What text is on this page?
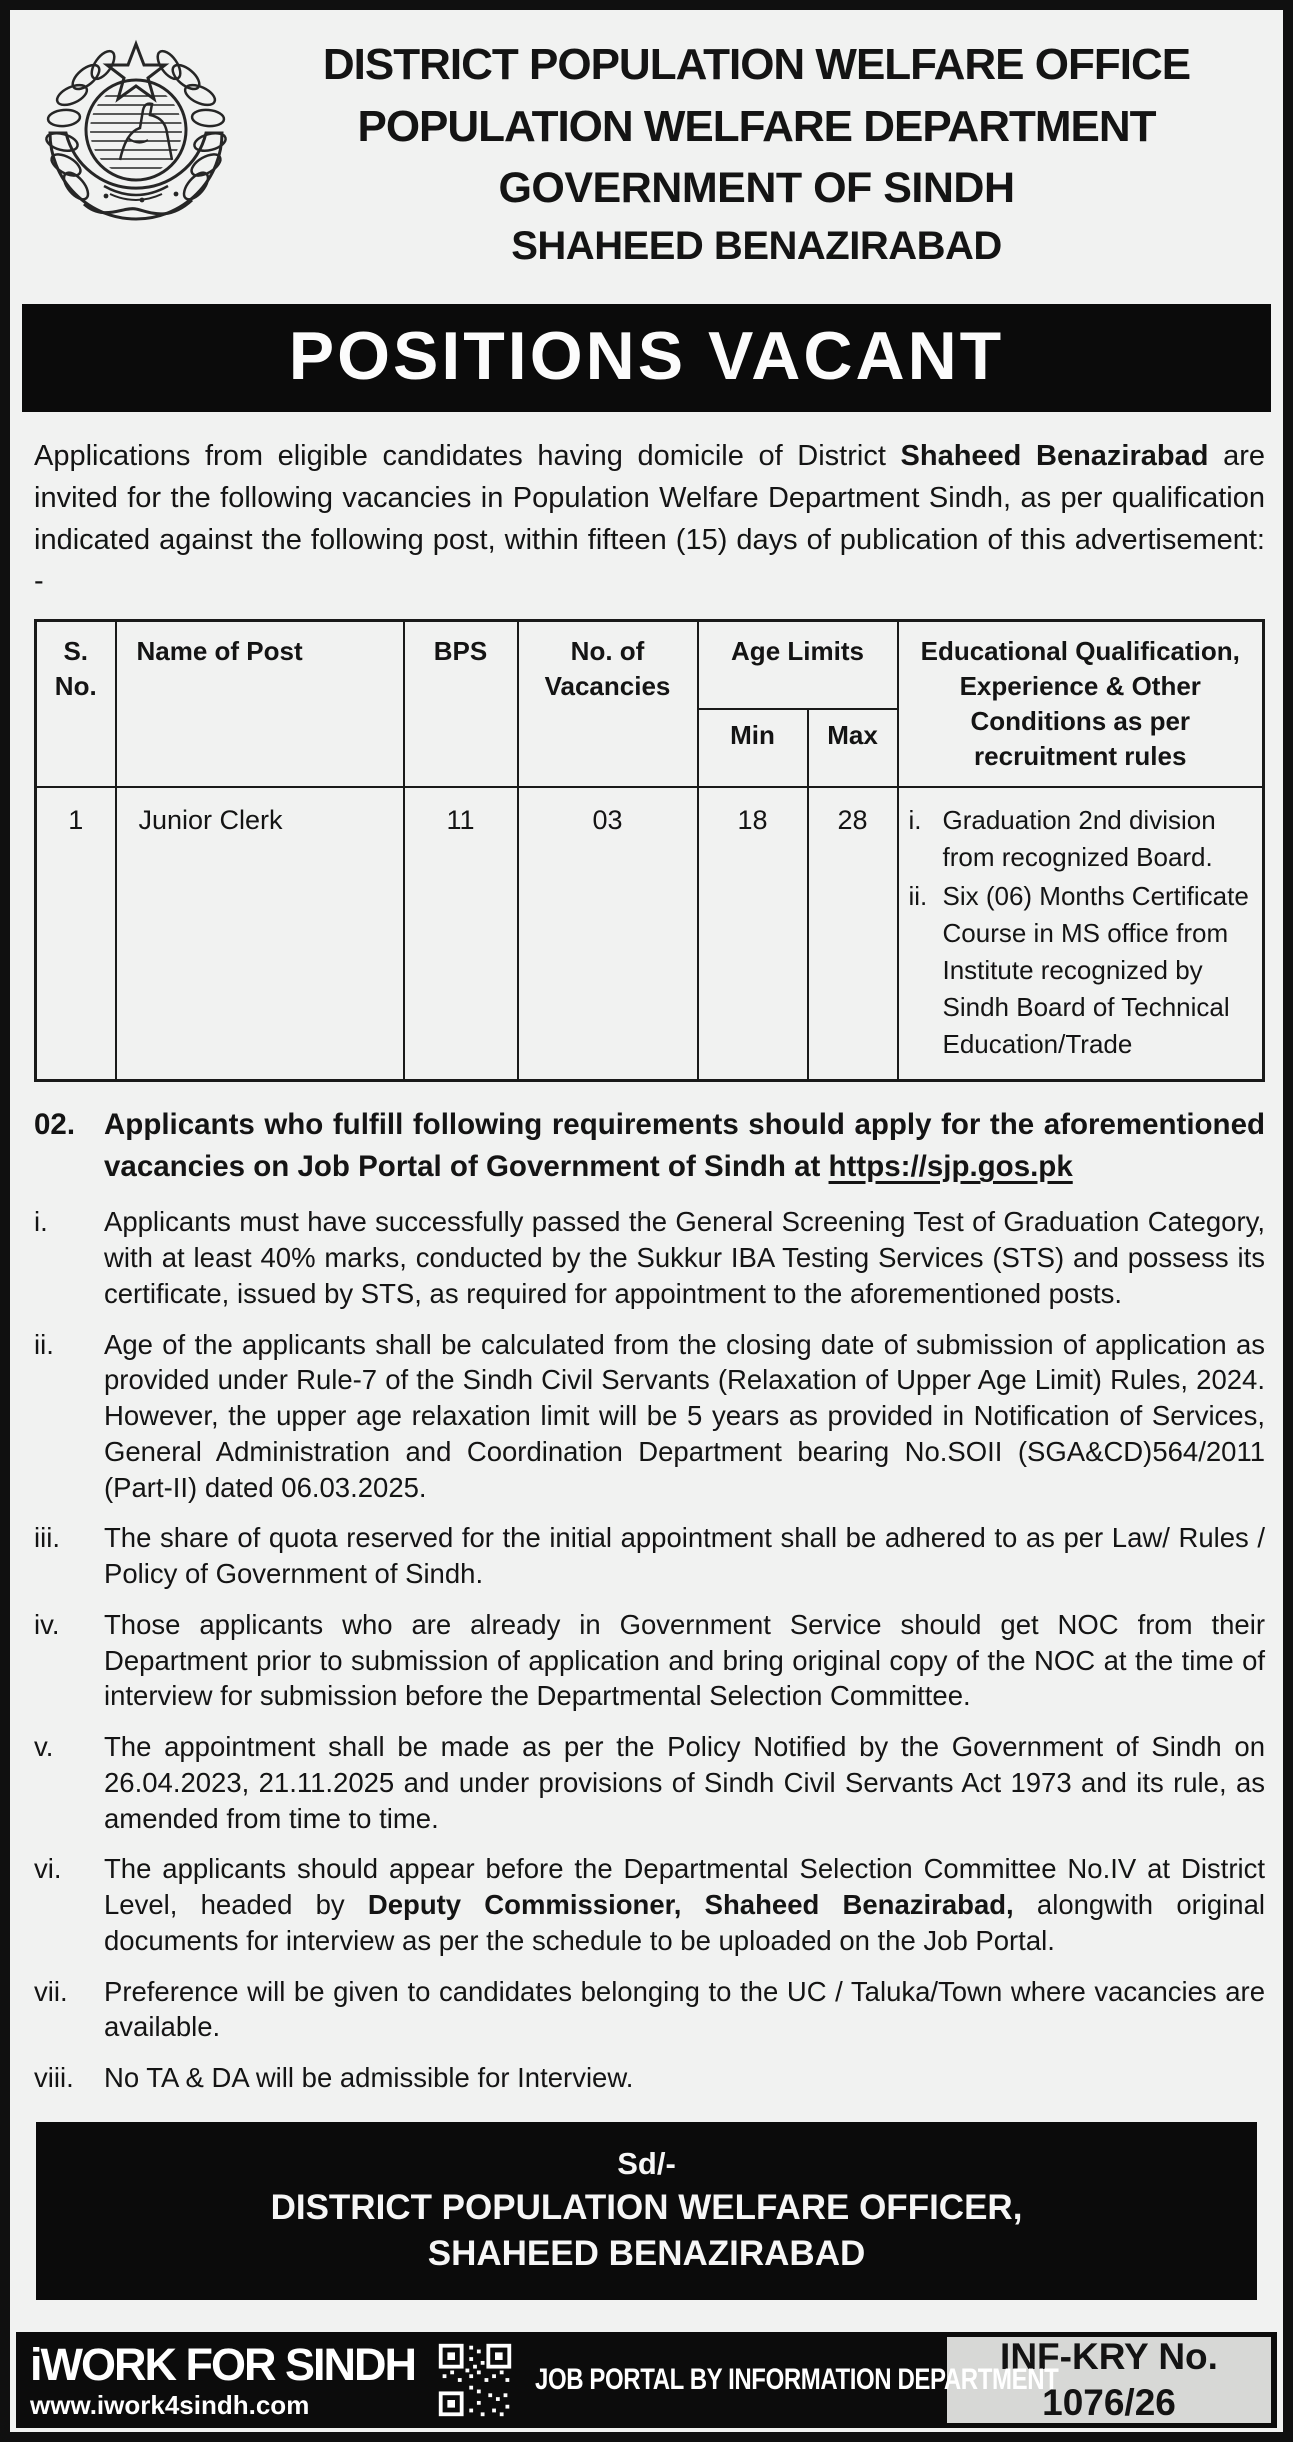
DISTRICT POPULATION WELFARE OFFICE
POPULATION WELFARE DEPARTMENT
GOVERNMENT OF SINDH
SHAHEED BENAZIRABAD
POSITIONS VACANT
Applications from eligible candidates having domicile of District Shaheed Benazirabad are invited for the following vacancies in Population Welfare Department Sindh, as per qualification indicated against the following post, within fifteen (15) days of publication of this advertisement: -
S. No.	Name of Post	BPS	No. of Vacancies	Age Limits		Educational Qualification, Experience & Other Conditions as per recruitment rules
				Min	Max	
1	Junior Clerk	11	03	18	28	i. Graduation 2nd division from recognized Board.
ii. Six (06) Months Certificate Course in MS office from Institute recognized by Sindh Board of Technical Education/Trade
02. Applicants who fulfill following requirements should apply for the aforementioned vacancies on Job Portal of Government of Sindh at https://sjp.gos.pk
i.	Applicants must have successfully passed the General Screening Test of Graduation Category, with at least 40% marks, conducted by the Sukkur IBA Testing Services (STS) and possess its certificate, issued by STS, as required for appointment to the aforementioned posts.
ii.	Age of the applicants shall be calculated from the closing date of submission of application as provided under Rule-7 of the Sindh Civil Servants (Relaxation of Upper Age Limit) Rules, 2024. However, the upper age relaxation limit will be 5 years as provided in Notification of Services, General Administration and Coordination Department bearing No.SOII (SGA&CD)564/2011 (Part-II) dated 06.03.2025.
iii.	The share of quota reserved for the initial appointment shall be adhered to as per Law/ Rules / Policy of Government of Sindh.
iv.	Those applicants who are already in Government Service should get NOC from their Department prior to submission of application and bring original copy of the NOC at the time of interview for submission before the Departmental Selection Committee.
v.	The appointment shall be made as per the Policy Notified by the Government of Sindh on 26.04.2023, 21.11.2025 and under provisions of Sindh Civil Servants Act 1973 and its rule, as amended from time to time.
vi.	The applicants should appear before the Departmental Selection Committee No.IV at District Level, headed by Deputy Commissioner, Shaheed Benazirabad, alongwith original documents for interview as per the schedule to be uploaded on the Job Portal.
vii.	Preference will be given to candidates belonging to the UC / Taluka/Town where vacancies are available.
viii.	No TA & DA will be admissible for Interview.
Sd/-
DISTRICT POPULATION WELFARE OFFICER,
SHAHEED BENAZIRABAD
iWORK FOR SINDH
www.iwork4sindh.com
JOB PORTAL BY INFORMATION DEPARTMENT
INF-KRY No.
1076/26
